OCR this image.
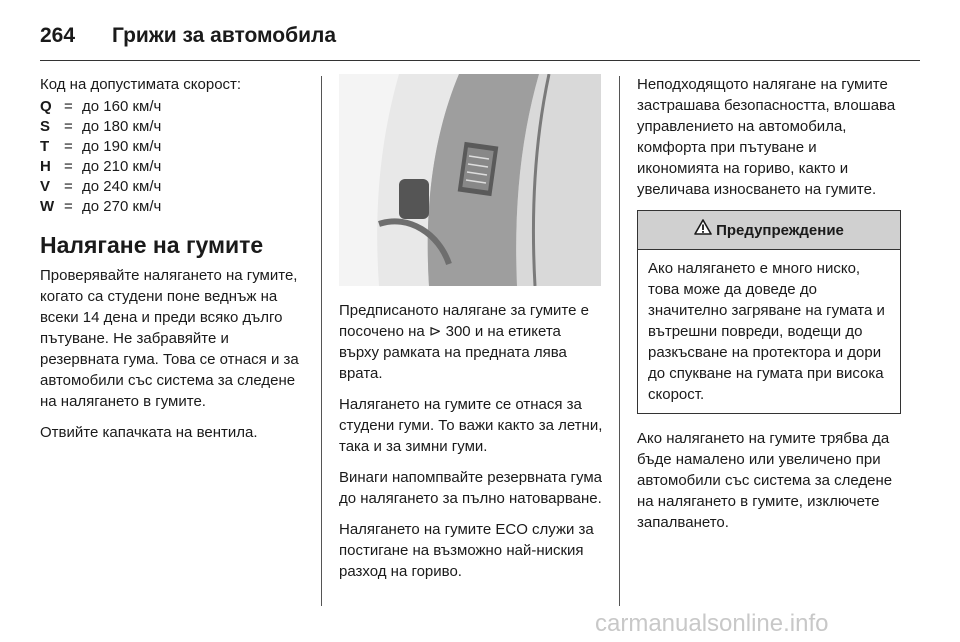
264	Грижи за автомобила
Код на допустимата скорост:
Q = до 160 км/ч
S = до 180 км/ч
T = до 190 км/ч
H = до 210 км/ч
V = до 240 км/ч
W = до 270 км/ч
Налягане на гумите

Проверявайте налягането на гумите, когато са студени поне веднъж на всеки 14 дена и преди всяко дълго пътуване. Не забравяйте и резервната гума. Това се отнася и за автомобили със система за следене на налягането в гумите.

Отвийте капачката на вентила.

Предписаното налягане за гумите е посочено на ⊳ 300 и на етикета върху рамката на предната лява врата.

Налягането на гумите се отнася за студени гуми. То важи както за летни, така и за зимни гуми.

Винаги напомпвайте резервната гума до налягането за пълно натоварване.

Налягането на гумите ECO служи за постигане на възможно най-ниския разход на гориво.

Неподходящото налягане на гумите застрашава безопасността, влошава управлението на автомобила, комфорта при пътуване и икономията на гориво, както и увеличава износването на гумите.

Предупреждение
Ако налягането е много ниско, това може да доведе до значително загряване на гумата и вътрешни повреди, водещи до разкъсване на протектора и дори до спукване на гумата при висока скорост.

Ако налягането на гумите трябва да бъде намалено или увеличено при автомобили със система за следене на налягането в гумите, изключете запалването.

carmanualsonline.info
